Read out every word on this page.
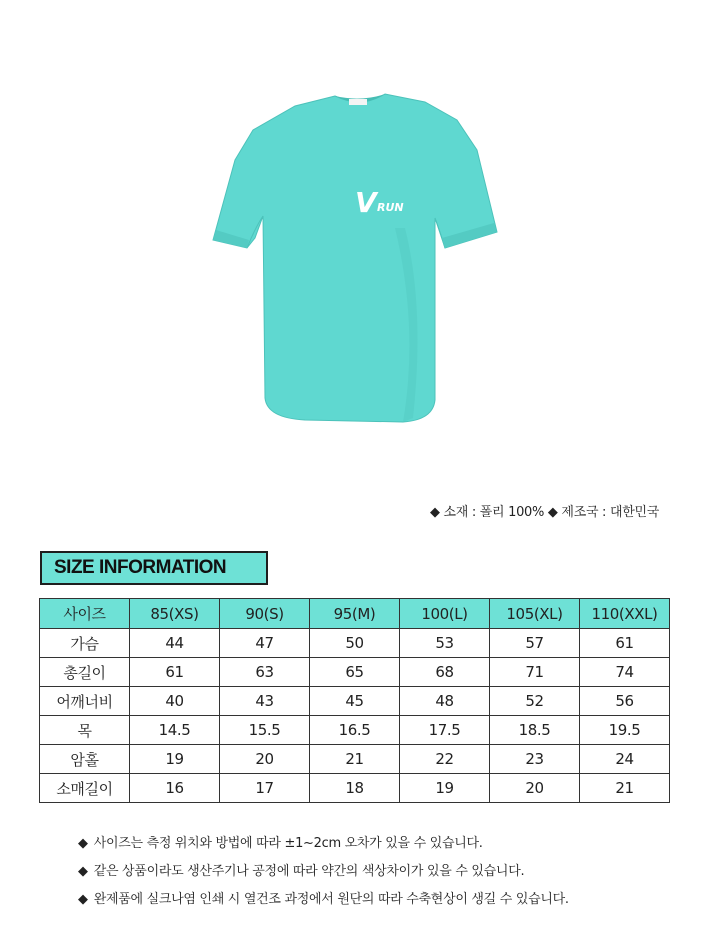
V RUN
◆ 소재 : 폴리 100% ◆ 제조국 : 대한민국
SIZE INFORMATION
사이즈	85(XS)	90(S)	95(M)	100(L)	105(XL)	110(XXL)
가슴	44	47	50	53	57	61
총길이	61	63	65	68	71	74
어깨너비	40	43	45	48	52	56
목	14.5	15.5	16.5	17.5	18.5	19.5
암홀	19	20	21	22	23	24
소매길이	16	17	18	19	20	21
◆ 사이즈는 측정 위치와 방법에 따라 ±1~2cm 오차가 있을 수 있습니다.
◆ 같은 상품이라도 생산주기나 공정에 따라 약간의 색상차이가 있을 수 있습니다.
◆ 완제품에 실크나염 인쇄 시 열건조 과정에서 원단의 따라 수축현상이 생길 수 있습니다.
